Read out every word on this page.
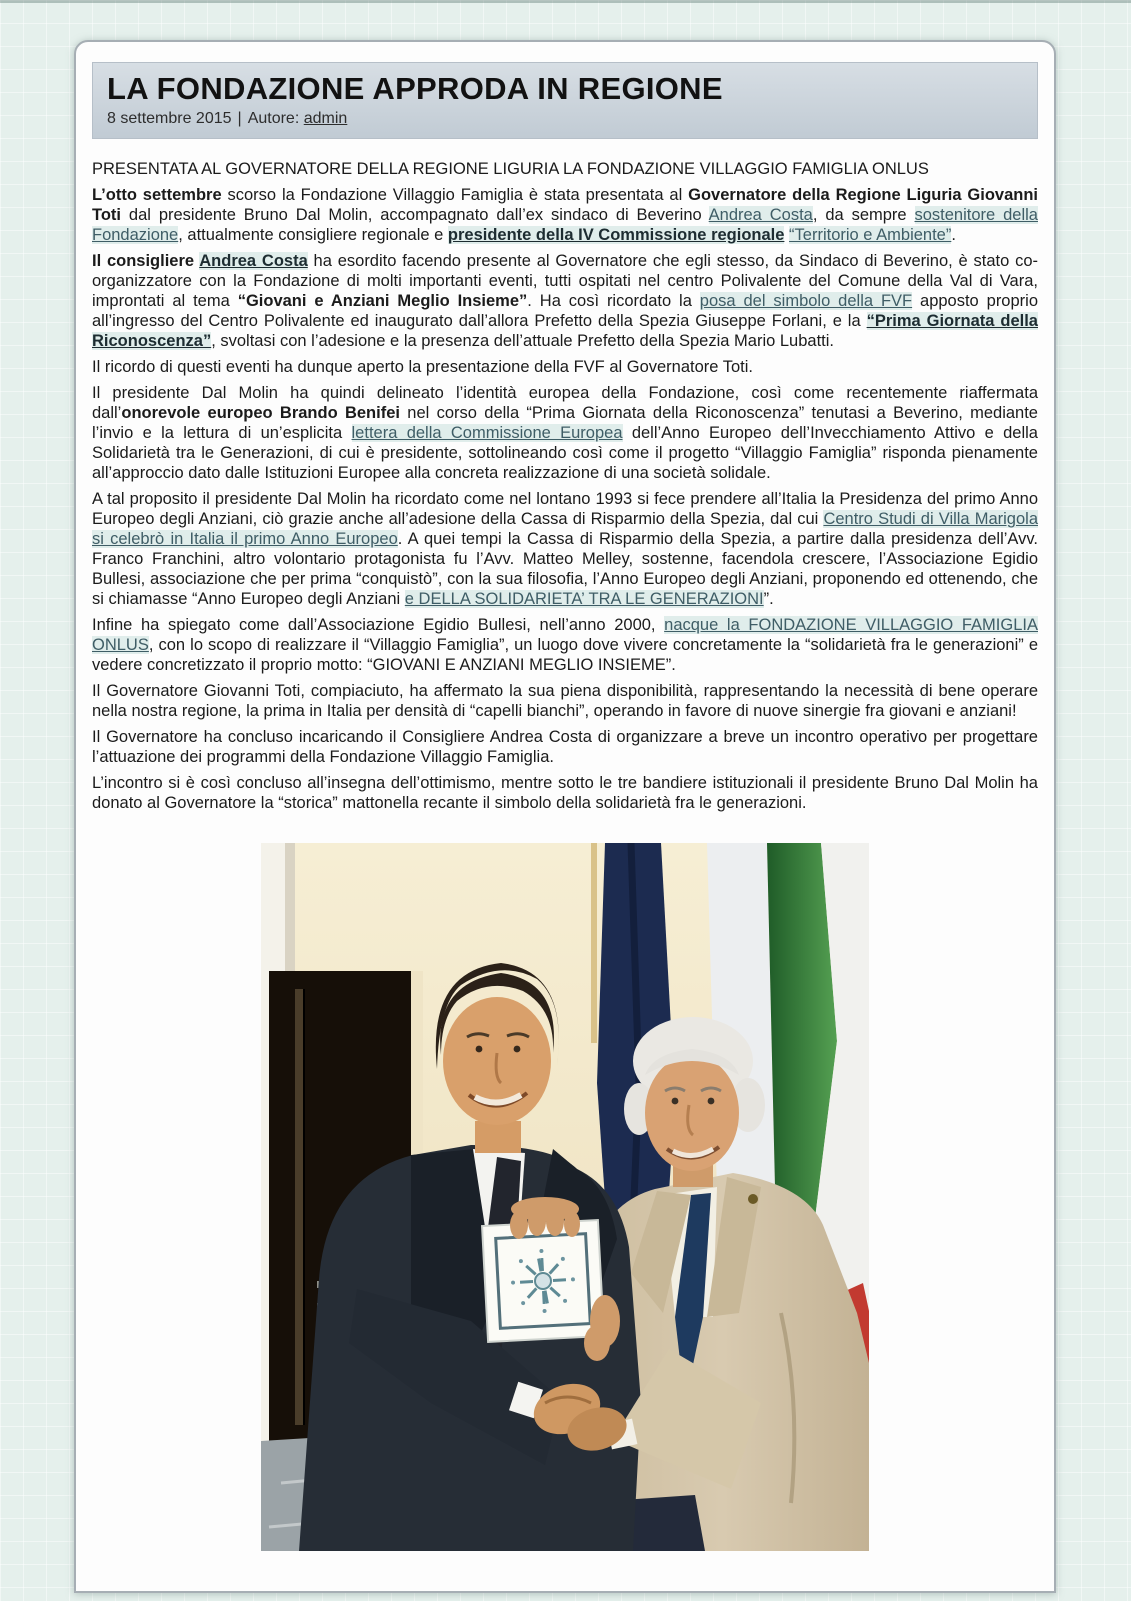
LA FONDAZIONE APPRODA IN REGIONE
8 settembre 2015 | Autore: admin

PRESENTATA AL GOVERNATORE DELLA REGIONE LIGURIA LA FONDAZIONE VILLAGGIO FAMIGLIA ONLUS

L’otto settembre scorso la Fondazione Villaggio Famiglia è stata presentata al Governatore della Regione Liguria Giovanni Toti dal presidente Bruno Dal Molin, accompagnato dall’ex sindaco di Beverino Andrea Costa, da sempre sostenitore della Fondazione, attualmente consigliere regionale e presidente della IV Commissione regionale “Territorio e Ambiente”.

Il consigliere Andrea Costa ha esordito facendo presente al Governatore che egli stesso, da Sindaco di Beverino, è stato co-organizzatore con la Fondazione di molti importanti eventi, tutti ospitati nel centro Polivalente del Comune della Val di Vara, improntati al tema “Giovani e Anziani Meglio Insieme”. Ha così ricordato la posa del simbolo della FVF apposto proprio all’ingresso del Centro Polivalente ed inaugurato dall’allora Prefetto della Spezia Giuseppe Forlani, e la “Prima Giornata della Riconoscenza”, svoltasi con l’adesione e la presenza dell’attuale Prefetto della Spezia Mario Lubatti.

Il ricordo di questi eventi ha dunque aperto la presentazione della FVF al Governatore Toti.

Il presidente Dal Molin ha quindi delineato l’identità europea della Fondazione, così come recentemente riaffermata dall’onorevole europeo Brando Benifei nel corso della “Prima Giornata della Riconoscenza” tenutasi a Beverino, mediante l’invio e la lettura di un’esplicita lettera della Commissione Europea dell’Anno Europeo dell’Invecchiamento Attivo e della Solidarietà tra le Generazioni, di cui è presidente, sottolineando così come il progetto “Villaggio Famiglia” risponda pienamente all’approccio dato dalle Istituzioni Europee alla concreta realizzazione di una società solidale.

A tal proposito il presidente Dal Molin ha ricordato come nel lontano 1993 si fece prendere all’Italia la Presidenza del primo Anno Europeo degli Anziani, ciò grazie anche all’adesione della Cassa di Risparmio della Spezia, dal cui Centro Studi di Villa Marigola si celebrò in Italia il primo Anno Europeo. A quei tempi la Cassa di Risparmio della Spezia, a partire dalla presidenza dell’Avv. Franco Franchini, altro volontario protagonista fu l’Avv. Matteo Melley, sostenne, facendola crescere, l’Associazione Egidio Bullesi, associazione che per prima “conquistò”, con la sua filosofia, l’Anno Europeo degli Anziani, proponendo ed ottenendo, che si chiamasse “Anno Europeo degli Anziani e DELLA SOLIDARIETA’ TRA LE GENERAZIONI”.

Infine ha spiegato come dall’Associazione Egidio Bullesi, nell’anno 2000, nacque la FONDAZIONE VILLAGGIO FAMIGLIA ONLUS, con lo scopo di realizzare il “Villaggio Famiglia”, un luogo dove vivere concretamente la “solidarietà fra le generazioni” e vedere concretizzato il proprio motto: “GIOVANI E ANZIANI MEGLIO INSIEME”.

Il Governatore Giovanni Toti, compiaciuto, ha affermato la sua piena disponibilità, rappresentando la necessità di bene operare nella nostra regione, la prima in Italia per densità di “capelli bianchi”, operando in favore di nuove sinergie fra giovani e anziani!

Il Governatore ha concluso incaricando il Consigliere Andrea Costa di organizzare a breve un incontro operativo per progettare l’attuazione dei programmi della Fondazione Villaggio Famiglia.

L’incontro si è così concluso all’insegna dell’ottimismo, mentre sotto le tre bandiere istituzionali il presidente Bruno Dal Molin ha donato al Governatore la “storica” mattonella recante il simbolo della solidarietà fra le generazioni.
